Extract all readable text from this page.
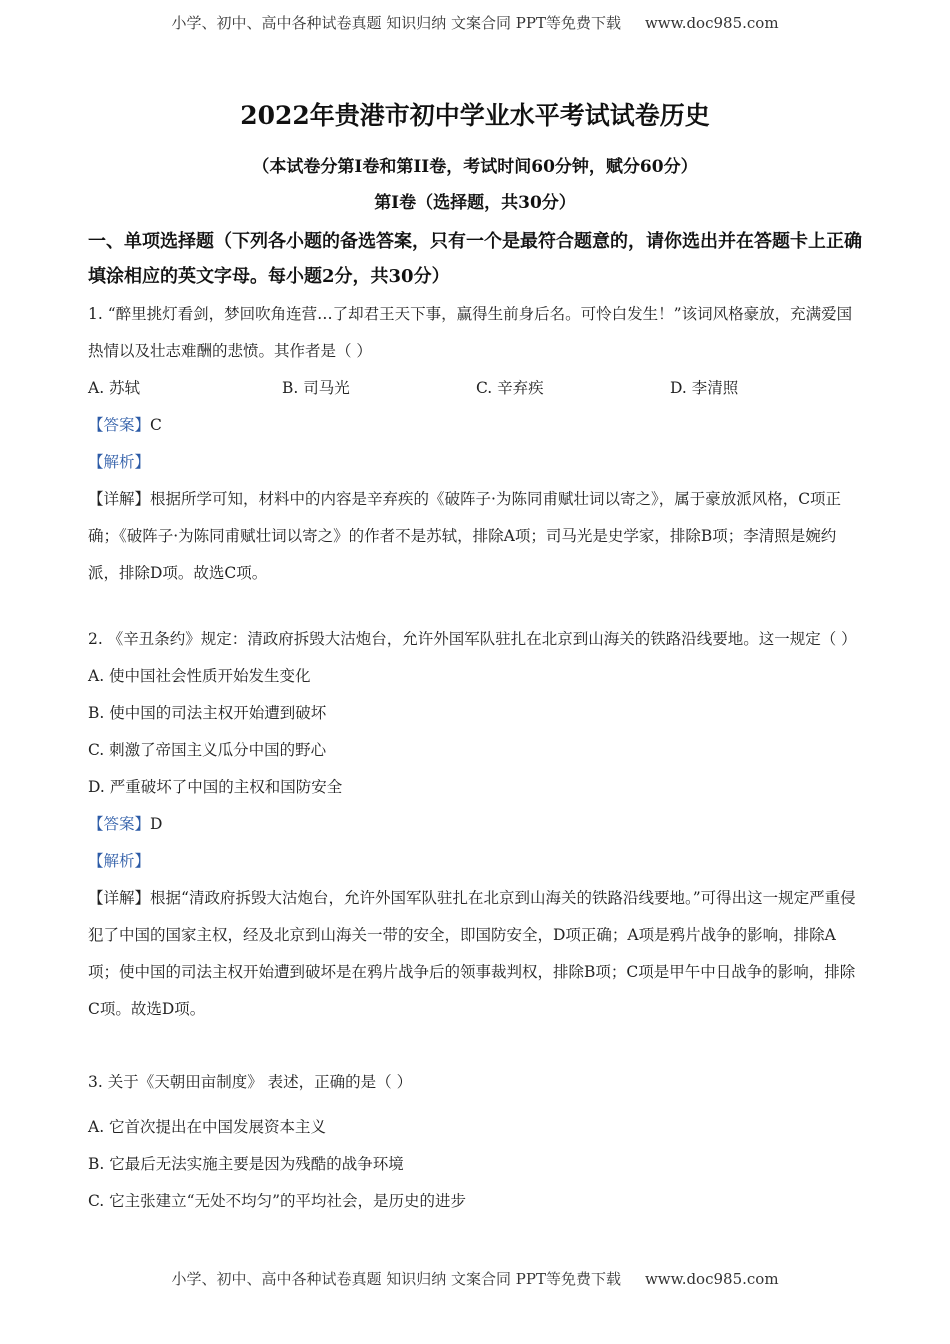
小学、初中、高中各种试卷真题 知识归纳 文案合同 PPT等免费下载 www.doc985.com
2022年贵港市初中学业水平考试试卷历史
（本试卷分第I卷和第II卷，考试时间60分钟，赋分60分）
第I卷（选择题，共30分）
一、单项选择题（下列各小题的备选答案，只有一个是最符合题意的，请你选出并在答题卡上正确填涂相应的英文字母。每小题2分，共30分）

1. “醉里挑灯看剑，梦回吹角连营…了却君王天下事，赢得生前身后名。可怜白发生！”该词风格豪放，充满爱国热情以及壮志难酬的悲愤。其作者是（ ）

A. 苏轼	B. 司马光	C. 辛弃疾	D. 李清照

【答案】C

【解析】

【详解】根据所学可知，材料中的内容是辛弃疾的《破阵子·为陈同甫赋壮词以寄之》，属于豪放派风格，C项正确；《破阵子·为陈同甫赋壮词以寄之》的作者不是苏轼，排除A项；司马光是史学家，排除B项；李清照是婉约派，排除D项。故选C项。

2. 《辛丑条约》规定：清政府拆毁大沽炮台，允许外国军队驻扎在北京到山海关的铁路沿线要地。这一规定（ ）

A. 使中国社会性质开始发生变化

B. 使中国的司法主权开始遭到破坏

C. 刺激了帝国主义瓜分中国的野心

D. 严重破坏了中国的主权和国防安全

【答案】D

【解析】

【详解】根据“清政府拆毁大沽炮台，允许外国军队驻扎在北京到山海关的铁路沿线要地。”可得出这一规定严重侵犯了中国的国家主权，经及北京到山海关一带的安全，即国防安全，D项正确；A项是鸦片战争的影响，排除A项；使中国的司法主权开始遭到破坏是在鸦片战争后的领事裁判权，排除B项；C项是甲午中日战争的影响，排除C项。故选D项。

3. 关于《天朝田亩制度》 表述，正确的是（ ）

A. 它首次提出在中国发展资本主义

B. 它最后无法实施主要是因为残酷的战争环境

C. 它主张建立“无处不均匀”的平均社会，是历史的进步

小学、初中、高中各种试卷真题 知识归纳 文案合同 PPT等免费下载 www.doc985.com
